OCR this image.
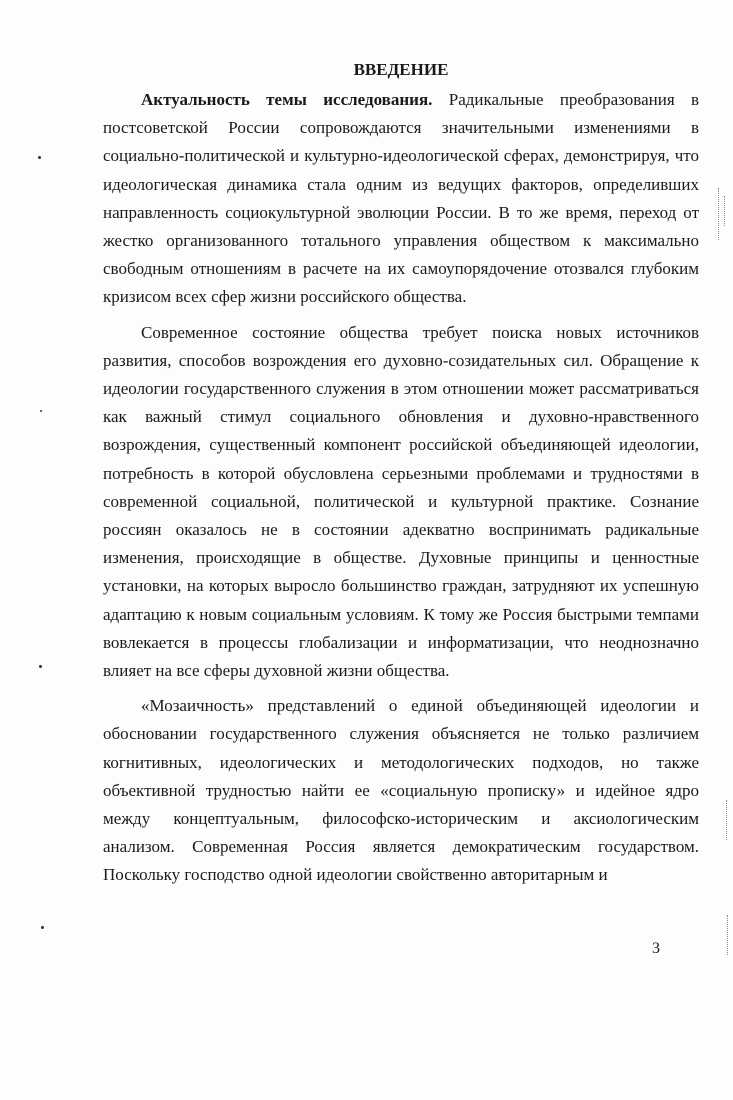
ВВЕДЕНИЕ

Актуальность темы исследования. Радикальные преобразования в постсоветской России сопровождаются значительными изменениями в социально-политической и культурно-идеологической сферах, демонстрируя, что идеологическая динамика стала одним из ведущих факторов, определивших направленность социокультурной эволюции России. В то же время, переход от жестко организованного тотального управления обществом к максимально свободным отношениям в расчете на их самоупорядочение отозвался глубоким кризисом всех сфер жизни российского общества.

Современное состояние общества требует поиска новых источников развития, способов возрождения его духовно-созидательных сил. Обращение к идеологии государственного служения в этом отношении может рассматриваться как важный стимул социального обновления и духовно-нравственного возрождения, существенный компонент российской объединяющей идеологии, потребность в которой обусловлена серьезными проблемами и трудностями в современной социальной, политической и культурной практике. Сознание россиян оказалось не в состоянии адекватно воспринимать радикальные изменения, происходящие в обществе. Духовные принципы и ценностные установки, на которых выросло большинство граждан, затрудняют их успешную адаптацию к новым социальным условиям. К тому же Россия быстрыми темпами вовлекается в процессы глобализации и информатизации, что неоднозначно влияет на все сферы духовной жизни общества.

«Мозаичность» представлений о единой объединяющей идеологии и обосновании государственного служения объясняется не только различием когнитивных, идеологических и методологических подходов, но также объективной трудностью найти ее «социальную прописку» и идейное ядро между концептуальным, философско-историческим и аксиологическим анализом. Современная Россия является демократическим государством. Поскольку господство одной идеологии свойственно авторитарным и

3
